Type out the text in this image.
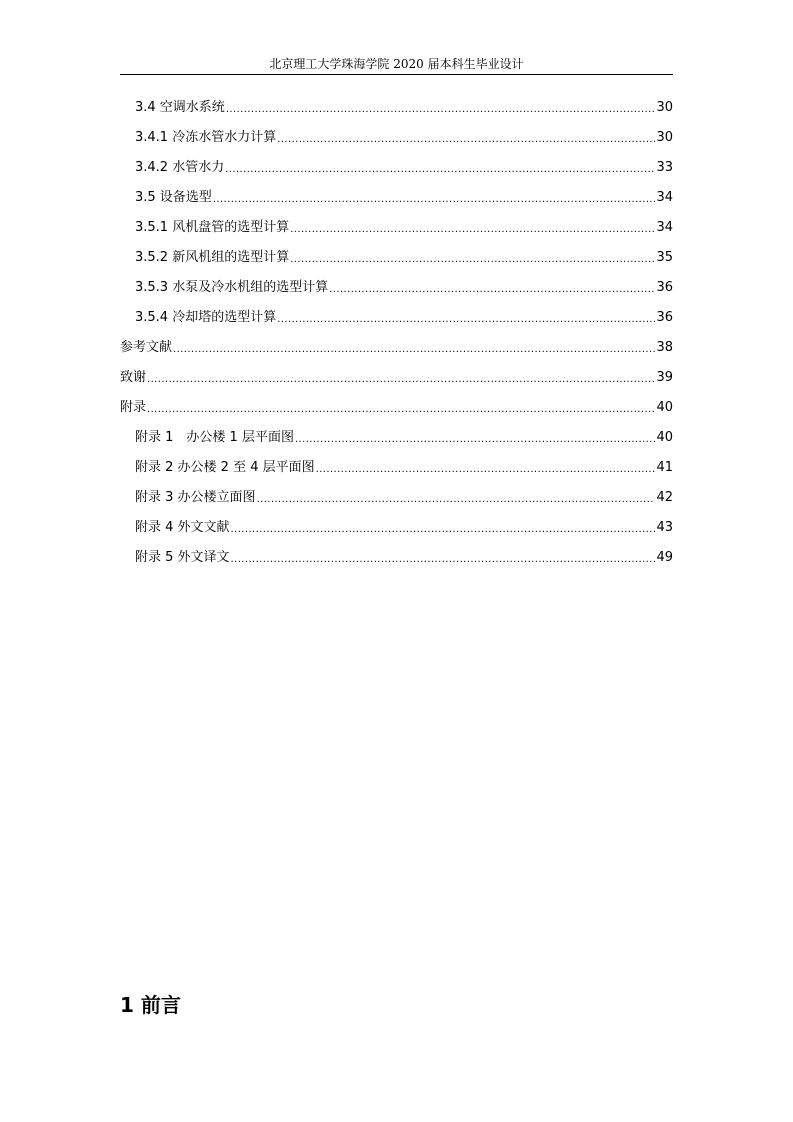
北京理工大学珠海学院 2020 届本科生毕业设计
3.4 空调水系统 .....	30
3.4.1 冷冻水管水力计算 .....	30
3.4.2 水管水力 .....	33
3.5 设备选型 .....	34
3.5.1 风机盘管的选型计算 .....	34
3.5.2 新风机组的选型计算 .....	35
3.5.3 水泵及冷水机组的选型计算 .....	36
3.5.4 冷却塔的选型计算 .....	36
参考文献 .....	38
致谢 .....	39
附录 .....	40
附录 1　办公楼 1 层平面图 .....	40
附录 2 办公楼 2 至 4 层平面图 .....	41
附录 3 办公楼立面图 .....	42
附录 4 外文文献 .....	43
附录 5 外文译文 .....	49
1 前言
